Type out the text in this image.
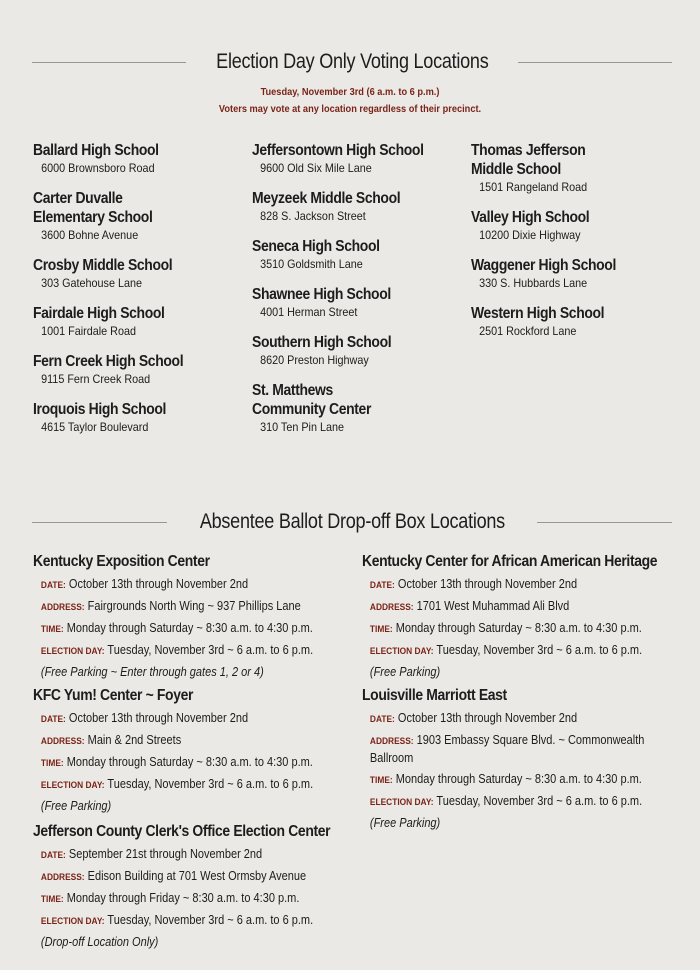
Election Day Only Voting Locations
Tuesday, November 3rd (6 a.m. to 6 p.m.)
Voters may vote at any location regardless of their precinct.
Ballard High School
6000 Brownsboro Road
Carter Duvalle
Elementary School
3600 Bohne Avenue
Crosby Middle School
303 Gatehouse Lane
Fairdale High School
1001 Fairdale Road
Fern Creek High School
9115 Fern Creek Road
Iroquois High School
4615 Taylor Boulevard
Jeffersontown High School
9600 Old Six Mile Lane
Meyzeek Middle School
828 S. Jackson Street
Seneca High School
3510 Goldsmith Lane
Shawnee High School
4001 Herman Street
Southern High School
8620 Preston Highway
St. Matthews
Community Center
310 Ten Pin Lane
Thomas Jefferson
Middle School
1501 Rangeland Road
Valley High School
10200 Dixie Highway
Waggener High School
330 S. Hubbards Lane
Western High School
2501 Rockford Lane
Absentee Ballot Drop-off Box Locations
Kentucky Exposition Center
DATE: October 13th through November 2nd
ADDRESS: Fairgrounds North Wing ~ 937 Phillips Lane
TIME: Monday through Saturday ~ 8:30 a.m. to 4:30 p.m.
ELECTION DAY: Tuesday, November 3rd ~ 6 a.m. to 6 p.m.
(Free Parking ~ Enter through gates 1, 2 or 4)
KFC Yum! Center ~ Foyer
DATE: October 13th through November 2nd
ADDRESS: Main & 2nd Streets
TIME: Monday through Saturday ~ 8:30 a.m. to 4:30 p.m.
ELECTION DAY: Tuesday, November 3rd ~ 6 a.m. to 6 p.m.
(Free Parking)
Jefferson County Clerk's Office Election Center
DATE: September 21st through November 2nd
ADDRESS: Edison Building at 701 West Ormsby Avenue
TIME: Monday through Friday ~ 8:30 a.m. to 4:30 p.m.
ELECTION DAY: Tuesday, November 3rd ~ 6 a.m. to 6 p.m.
(Drop-off Location Only)
Kentucky Center for African American Heritage
DATE: October 13th through November 2nd
ADDRESS: 1701 West Muhammad Ali Blvd
TIME: Monday through Saturday ~ 8:30 a.m. to 4:30 p.m.
ELECTION DAY: Tuesday, November 3rd ~ 6 a.m. to 6 p.m.
(Free Parking)
Louisville Marriott East
DATE: October 13th through November 2nd
ADDRESS: 1903 Embassy Square Blvd. ~ Commonwealth Ballroom
TIME: Monday through Saturday ~ 8:30 a.m. to 4:30 p.m.
ELECTION DAY: Tuesday, November 3rd ~ 6 a.m. to 6 p.m.
(Free Parking)
